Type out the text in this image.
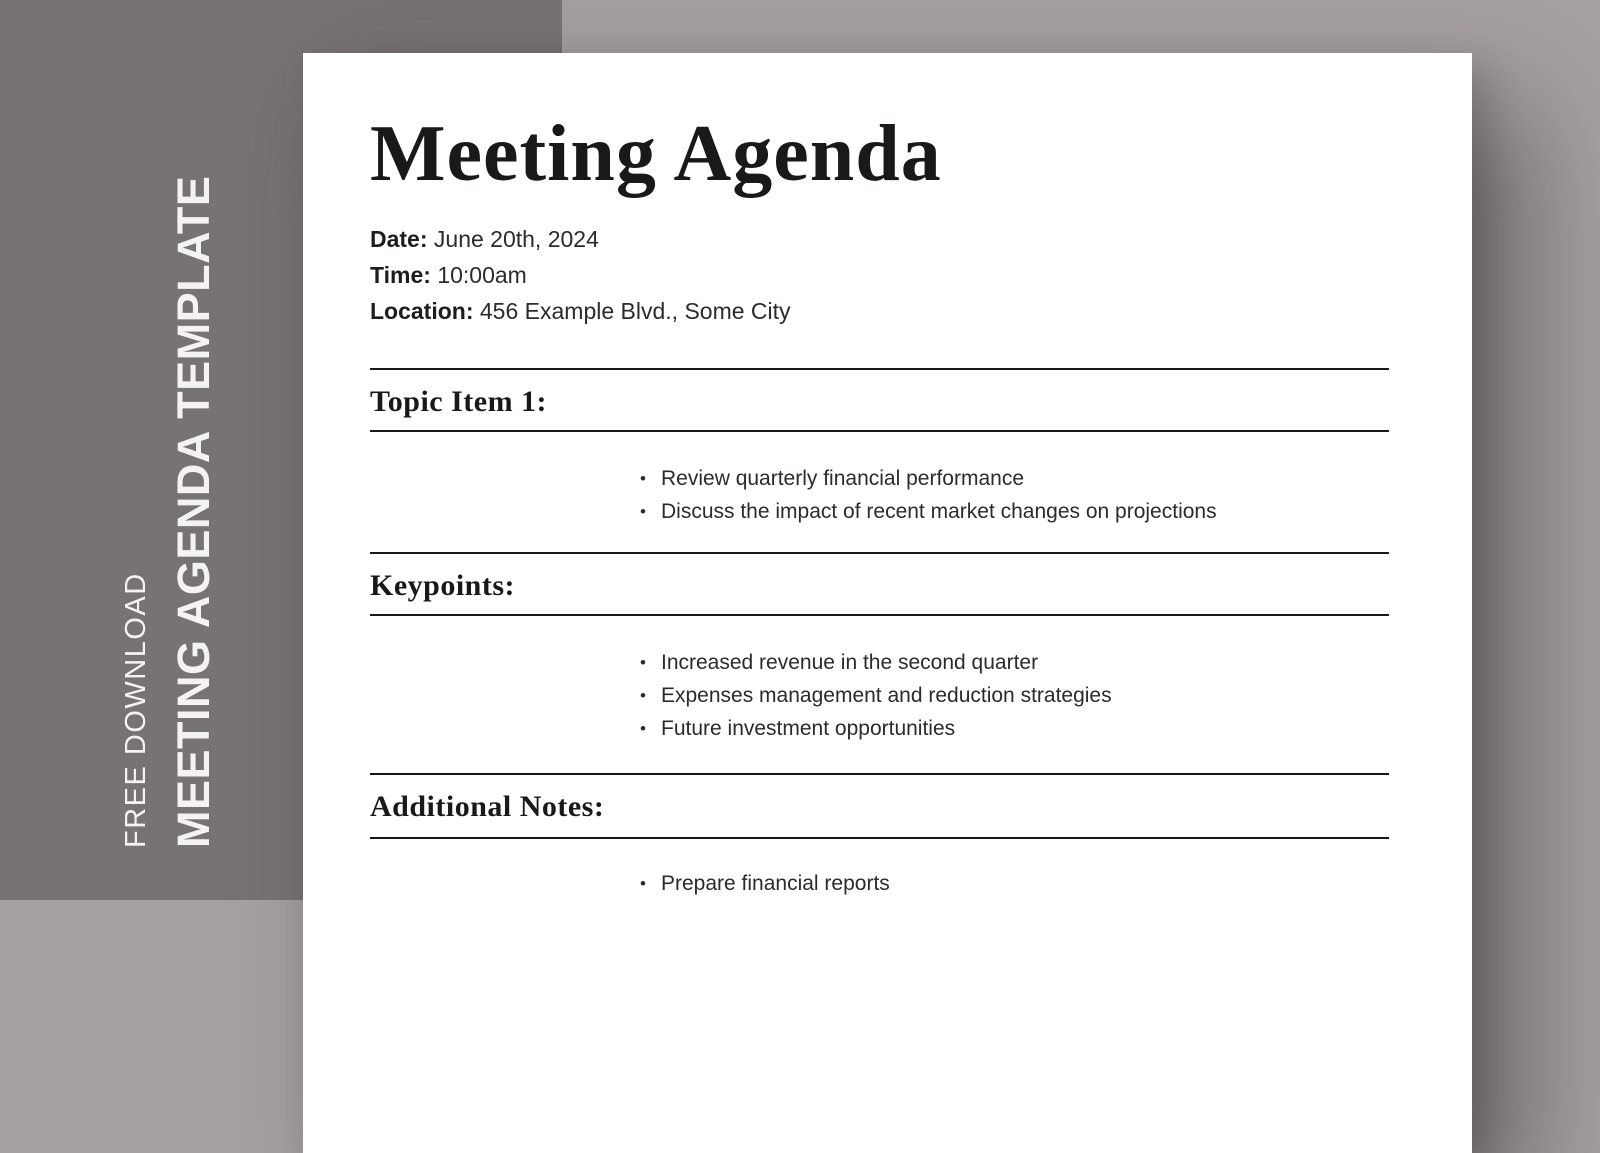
FREE DOWNLOAD MEETING AGENDA TEMPLATE
Meeting Agenda
Date: June 20th, 2024
Time: 10:00am
Location: 456 Example Blvd., Some City
Topic Item 1:
• Review quarterly financial performance
• Discuss the impact of recent market changes on projections
Keypoints:
• Increased revenue in the second quarter
• Expenses management and reduction strategies
• Future investment opportunities
Additional Notes:
• Prepare financial reports
